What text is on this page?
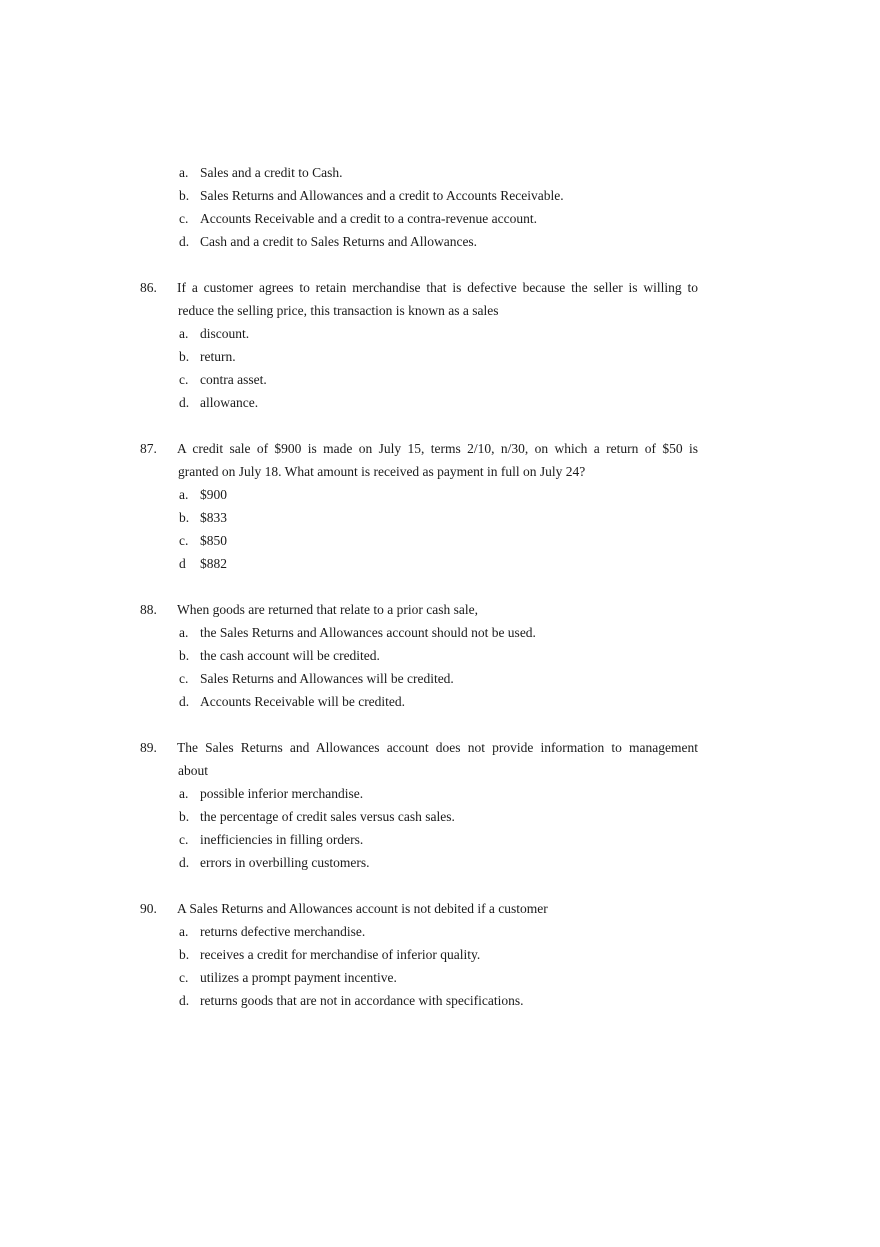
a. Sales and a credit to Cash.
b. Sales Returns and Allowances and a credit to Accounts Receivable.
c. Accounts Receivable and a credit to a contra-revenue account.
d. Cash and a credit to Sales Returns and Allowances.
86. If a customer agrees to retain merchandise that is defective because the seller is willing to
reduce the selling price, this transaction is known as a sales
a. discount.
b. return.
c. contra asset.
d. allowance.
87. A credit sale of $900 is made on July 15, terms 2/10, n/30, on which a return of $50 is
granted on July 18. What amount is received as payment in full on July 24?
a. $900
b. $833
c. $850
d	$882
88. When goods are returned that relate to a prior cash sale,
a. the Sales Returns and Allowances account should not be used.
b. the cash account will be credited.
c. Sales Returns and Allowances will be credited.
d. Accounts Receivable will be credited.
89. The Sales Returns and Allowances account does not provide information to management
about
a. possible inferior merchandise.
b. the percentage of credit sales versus cash sales.
c. inefficiencies in filling orders.
d. errors in overbilling customers.
90. A Sales Returns and Allowances account is not debited if a customer
a. returns defective merchandise.
b. receives a credit for merchandise of inferior quality.
c. utilizes a prompt payment incentive.
d. returns goods that are not in accordance with specifications.
